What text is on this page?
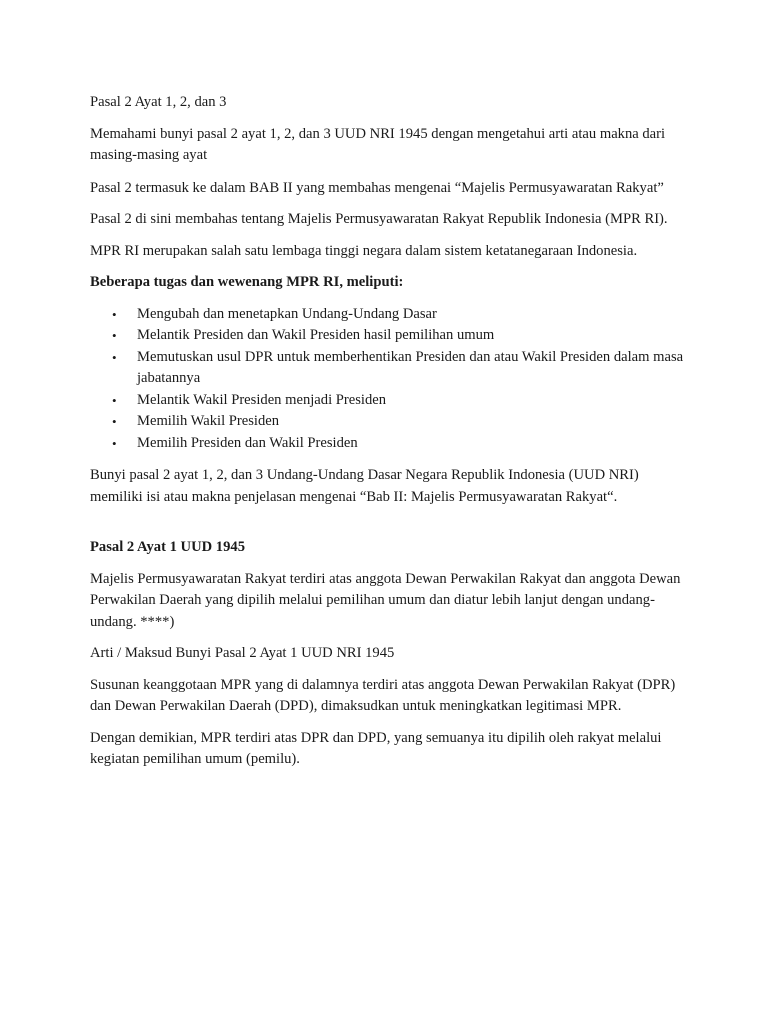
Pasal 2 Ayat 1, 2, dan 3

Memahami bunyi pasal 2 ayat 1, 2, dan 3 UUD NRI 1945 dengan mengetahui arti atau makna dari masing-masing ayat

Pasal 2 termasuk ke dalam BAB II yang membahas mengenai “Majelis Permusyawaratan Rakyat”

Pasal 2 di sini membahas tentang Majelis Permusyawaratan Rakyat Republik Indonesia (MPR RI).

MPR RI merupakan salah satu lembaga tinggi negara dalam sistem ketatanegaraan Indonesia.

Beberapa tugas dan wewenang MPR RI, meliputi:

• Mengubah dan menetapkan Undang-Undang Dasar
• Melantik Presiden dan Wakil Presiden hasil pemilihan umum
• Memutuskan usul DPR untuk memberhentikan Presiden dan atau Wakil Presiden dalam masa jabatannya
• Melantik Wakil Presiden menjadi Presiden
• Memilih Wakil Presiden
• Memilih Presiden dan Wakil Presiden

Bunyi pasal 2 ayat 1, 2, dan 3 Undang-Undang Dasar Negara Republik Indonesia (UUD NRI) memiliki isi atau makna penjelasan mengenai “Bab II: Majelis Permusyawaratan Rakyat“.

Pasal 2 Ayat 1 UUD 1945

Majelis Permusyawaratan Rakyat terdiri atas anggota Dewan Perwakilan Rakyat dan anggota Dewan Perwakilan Daerah yang dipilih melalui pemilihan umum dan diatur lebih lanjut dengan undang-undang. ****)

Arti / Maksud Bunyi Pasal 2 Ayat 1 UUD NRI 1945

Susunan keanggotaan MPR yang di dalamnya terdiri atas anggota Dewan Perwakilan Rakyat (DPR) dan Dewan Perwakilan Daerah (DPD), dimaksudkan untuk meningkatkan legitimasi MPR.

Dengan demikian, MPR terdiri atas DPR dan DPD, yang semuanya itu dipilih oleh rakyat melalui kegiatan pemilihan umum (pemilu).
